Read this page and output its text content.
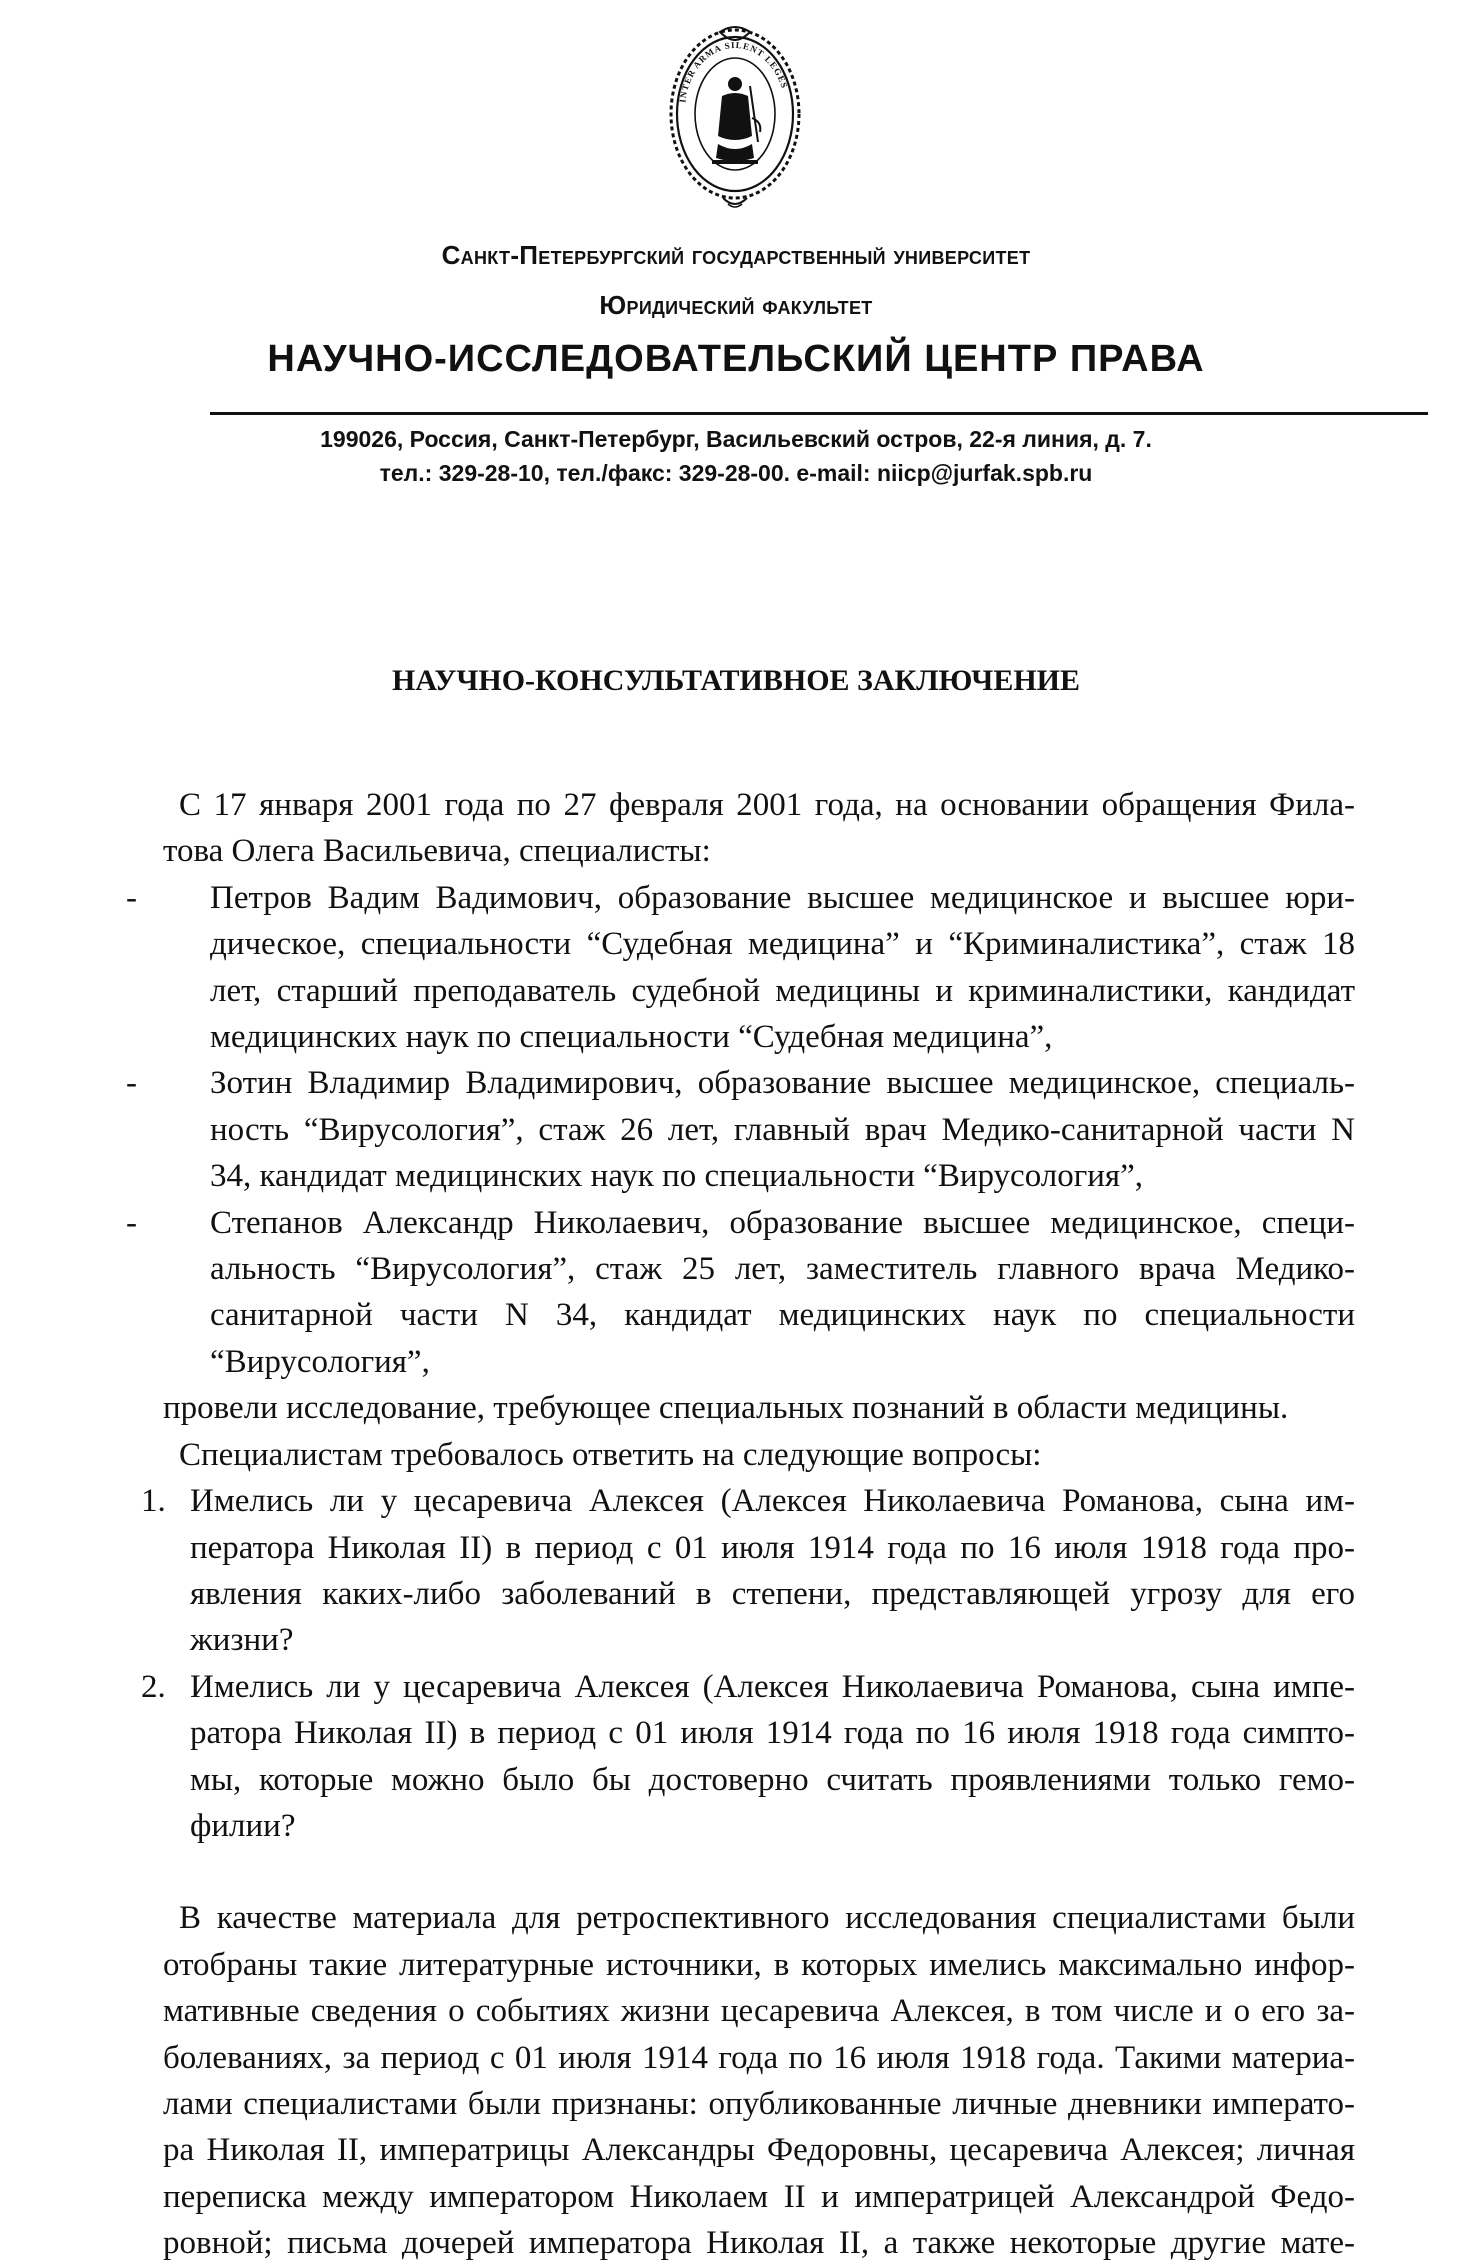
INTER ARMA SILENT LEGES
Санкт-Петербургский государственный университет
Юридический факультет
НАУЧНО-ИССЛЕДОВАТЕЛЬСКИЙ ЦЕНТР ПРАВА
199026, Россия, Санкт-Петербург, Васильевский остров, 22-я линия, д. 7.
тел.: 329-28-10, тел./факс: 329-28-00. e-mail: niicp@jurfak.spb.ru
НАУЧНО-КОНСУЛЬТАТИВНОЕ ЗАКЛЮЧЕНИЕ

С 17 января 2001 года по 27 февраля 2001 года, на основании обращения Фила-

това Олега Васильевича, специалисты:

- Петров Вадим Вадимович, образование высшее медицинское и высшее юри-

дическое, специальности “Судебная медицина” и “Криминалистика”, стаж 18

лет, старший преподаватель судебной медицины и криминалистики, кандидат

медицинских наук по специальности “Судебная медицина”,

- Зотин Владимир Владимирович, образование высшее медицинское, специаль-

ность “Вирусология”, стаж 26 лет, главный врач Медико-санитарной части N

34, кандидат медицинских наук по специальности “Вирусология”,

- Степанов Александр Николаевич, образование высшее медицинское, специ-

альность “Вирусология”, стаж 25 лет, заместитель главного врача Медико-

санитарной части N 34, кандидат медицинских наук по специальности

“Вирусология”,

провели исследование, требующее специальных познаний в области медицины.

Специалистам требовалось ответить на следующие вопросы:

1. Имелись ли у цесаревича Алексея (Алексея Николаевича Романова, сына им-

ператора Николая II) в период с 01 июля 1914 года по 16 июля 1918 года про-

явления каких-либо заболеваний в степени, представляющей угрозу для его

жизни?

2. Имелись ли у цесаревича Алексея (Алексея Николаевича Романова, сына импе-

ратора Николая II) в период с 01 июля 1914 года по 16 июля 1918 года симпто-

мы, которые можно было бы достоверно считать проявлениями только гемо-

филии?

В качестве материала для ретроспективного исследования специалистами были

отобраны такие литературные источники, в которых имелись максимально инфор-

мативные сведения о событиях жизни цесаревича Алексея, в том числе и о его за-

болеваниях, за период с 01 июля 1914 года по 16 июля 1918 года. Такими материа-

лами специалистами были признаны: опубликованные личные дневники императо-

ра Николая II, императрицы Александры Федоровны, цесаревича Алексея; личная

переписка между императором Николаем II и императрицей Александрой Федо-

ровной; письма дочерей императора Николая II, а также некоторые другие мате-
